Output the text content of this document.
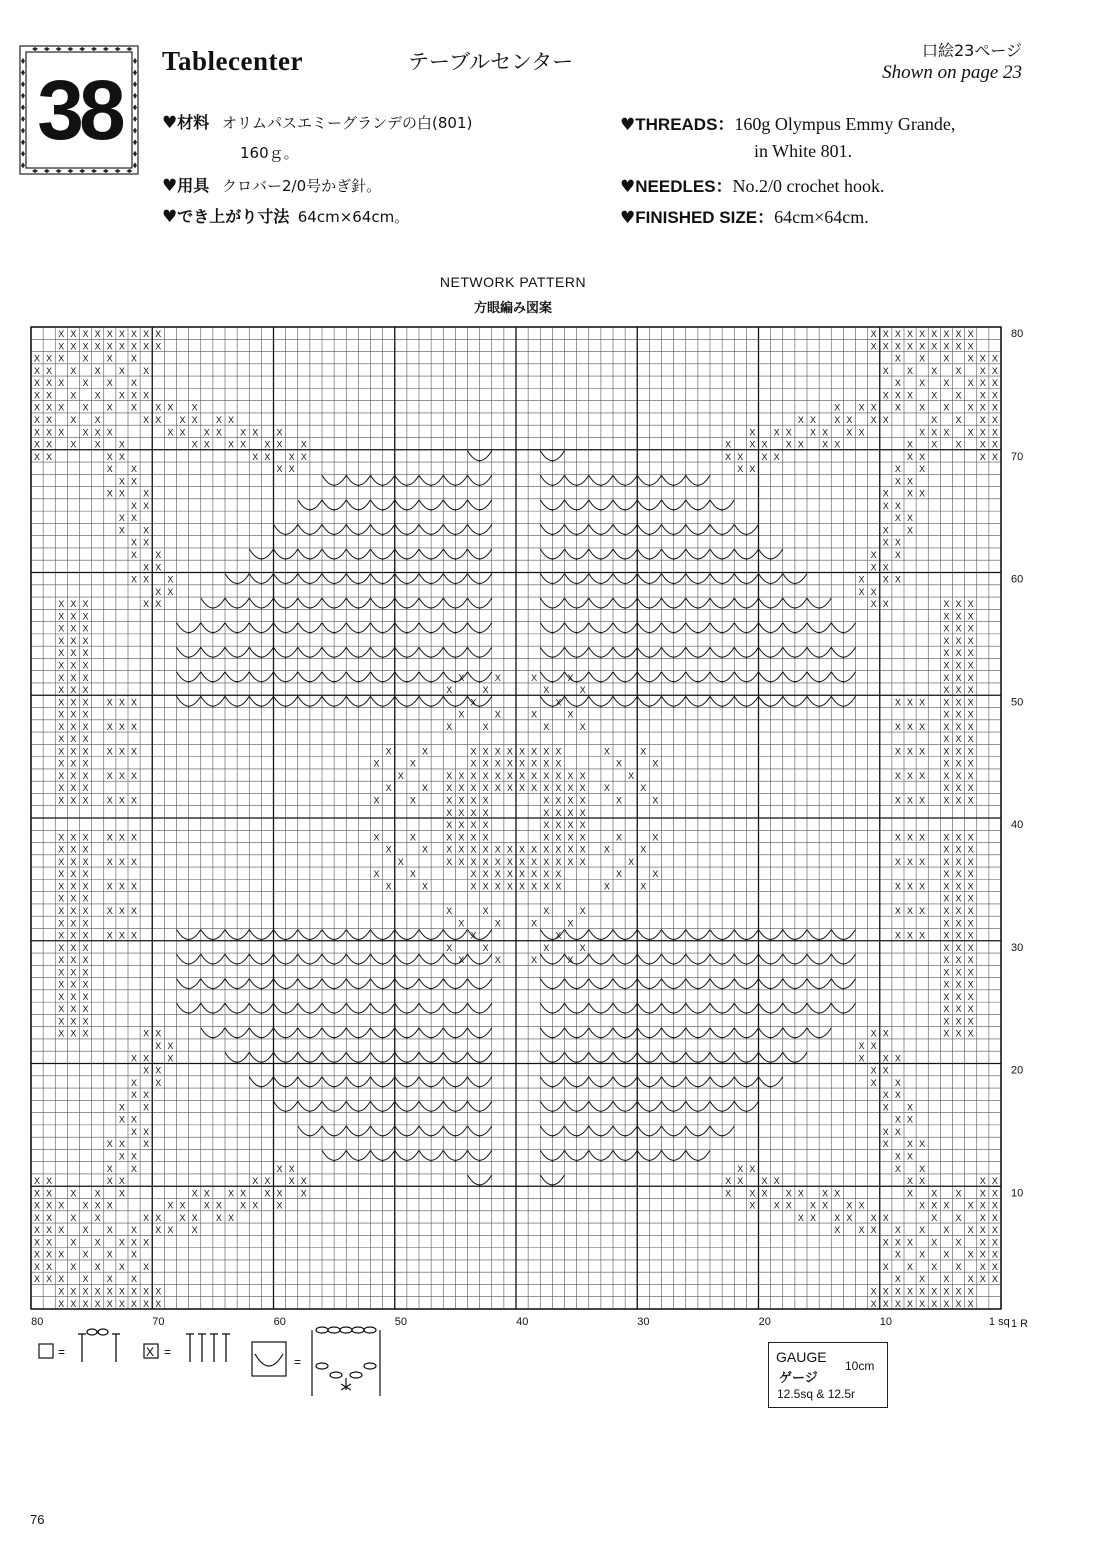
38
Tablecenter	テーブルセンター	口絵23ページ
Shown on page 23
♥材料 オリムパスエミーグランデの白(801)
160ｇ。
♥用具 クロバー2/0号かぎ針。
♥でき上がり寸法 64cm×64cm。
♥THREADS：160g Olympus Emmy Grande,
in White 801.
♥NEEDLES：No.2/0 crochet hook.
♥FINISHED SIZE：64cm×64cm.
NETWORK PATTERN
方眼編み図案
X X X X X X X X X	X X X X X X X X X
X X X X X X X X X	X X X X X X X X X
X X X X X X	X X X X X X
X X X X X X	X X X X X X
X X X X X X	X X X X X X
X X X X X X X	X X X X X X X
X X X X X X X X X	X X X X X X X X X
X X X X	X X X X X X	X X X X X X	X X X X
X X X X X X	X X X X X X X	X X X X X X X	X X X X X X
X X X X X	X X X X X X X	X X X X X X X	X X X X X
X X	X X	X X X X	X X X X	X X	X X
X X	X X	X X	X X
X X	X X
X X X	X X X
X X	X X
X X	X X
X X	X X
X X	X X
X X	X X
X X	X X
X X X	X X X
X X	X X
X X X	X X	X X	X X X
X X X	X X X
X X X	X X X
X X X	X X X
X X X	X X X
X X X	X X X
X X X	X	X	X	X	X X X
X X X	X	X	X	X	X X X
X X X X X X	X	X	X X X X X X
X X X	X	X	X	X	X X X
X X X X X X	X	X	X	X	X X X X X X
X X X	X X X
X X X X X X	X	X	X X X X X X X X	X	X	X X X X X X
X X X	X	X	X X X X X X X X	X	X	X X X
X X X X X X	X	X X X X X X X X X X X X	X	X X X X X X
X X X	X	X X X X X X X X X X X X X X	X	X X X
X X X X X X	X	X	X X X X	X X X X	X	X	X X X X X X
X X X X	X X X X
X X X X	X X X X
X X X X X X	X	X	X X X X	X X X X	X	X	X X X X X X
X X X	X	X X X X X X X X X X X X X X	X	X X X
X X X X X X	X	X X X X X X X X X X X X	X	X X X X X X
X X X	X	X	X X X X X X X X	X	X	X X X
X X X X X X	X	X	X X X X X X X X	X	X	X X X X X X
X X X	X X X
X X X X X X	X	X	X	X	X X X X X X
X X X	X	X	X	X	X X X
X X X X X X	X	X	X X X X X X
X X X	X	X	X	X	X X X
X X X	X	X	X	X	X X X
X X X	X X X
X X X	X X X
X X X	X X X
X X X	X X X
X X X	X X X
X X X	X X	X X	X X X
X X	X X
X X X	X X X
X X	X X
X X	X X
X X	X X
X X	X X
X X	X X
X X	X X
X X X	X X X
X X	X X
X X	X X	X X	X X
X X	X X	X X X X	X X X X	X X	X X
X X X X X	X X X X X X X	X X X X X X X	X X X X X
X X X X X X	X X X X X X X	X X X X X X X	X X X X X X
X X X X	X X X X X X	X X X X X X	X X X X
X X X X X X X X X	X X X X X X X X X
X X X X X X X	X X X X X X X
X X X X X X	X X X X X X
X X X X X X	X X X X X X
X X X X X X	X X X X X X
X X X X X X X X X	X X X X X X X X X
X X X X X X X X X	X X X X X X X X X
80
70
60
50
40
30
20
10
1 R
80	70	60	50	40	30	20	10	1 sq
=	X =
=	GAUGE
ゲージ
10cm
12.5sq & 12.5r
76
